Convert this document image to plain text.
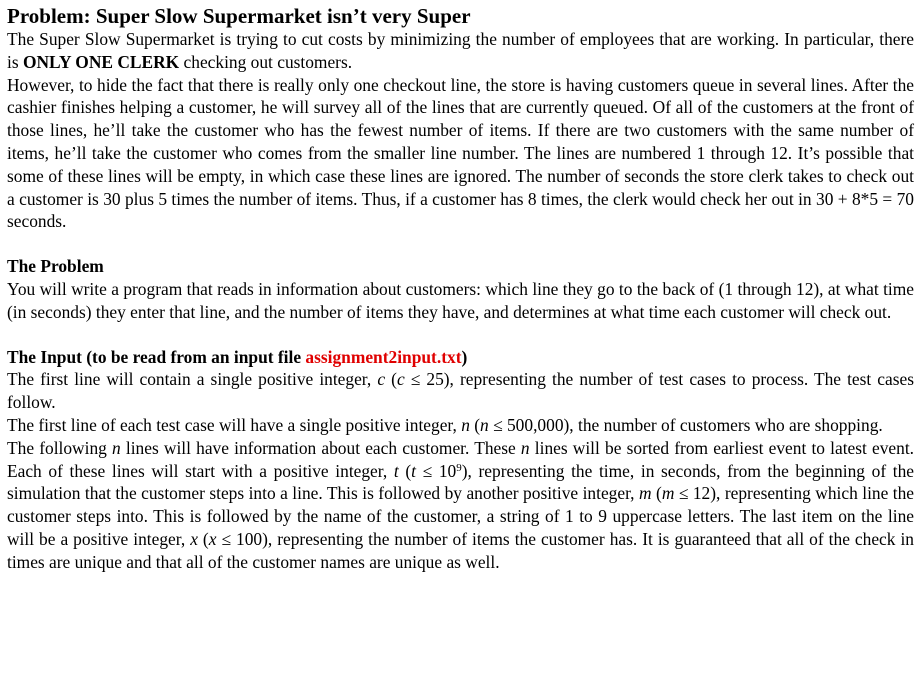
Problem: Super Slow Supermarket isn’t very Super

The Super Slow Supermarket is trying to cut costs by minimizing the number of employees that are working. In particular, there is ONLY ONE CLERK checking out customers.

However, to hide the fact that there is really only one checkout line, the store is having customers queue in several lines. After the cashier finishes helping a customer, he will survey all of the lines that are currently queued. Of all of the customers at the front of those lines, he’ll take the customer who has the fewest number of items. If there are two customers with the same number of items, he’ll take the customer who comes from the smaller line number. The lines are numbered 1 through 12. It’s possible that some of these lines will be empty, in which case these lines are ignored. The number of seconds the store clerk takes to check out a customer is 30 plus 5 times the number of items. Thus, if a customer has 8 times, the clerk would check her out in 30 + 8*5 = 70 seconds.

The Problem

You will write a program that reads in information about customers: which line they go to the back of (1 through 12), at what time (in seconds) they enter that line, and the number of items they have, and determines at what time each customer will check out.

The Input (to be read from an input file assignment2input.txt)

The first line will contain a single positive integer, c (c ≤ 25), representing the number of test cases to process. The test cases follow.

The first line of each test case will have a single positive integer, n (n ≤ 500,000), the number of customers who are shopping.

The following n lines will have information about each customer. These n lines will be sorted from earliest event to latest event. Each of these lines will start with a positive integer, t $(t \le 10^9)$, representing the time, in seconds, from the beginning of the simulation that the customer steps into a line. This is followed by another positive integer, m (m ≤ 12), representing which line the customer steps into. This is followed by the name of the customer, a string of 1 to 9 uppercase letters. The last item on the line will be a positive integer, x (x ≤ 100), representing the number of items the customer has. It is guaranteed that all of the check in times are unique and that all of the customer names are unique as well.
